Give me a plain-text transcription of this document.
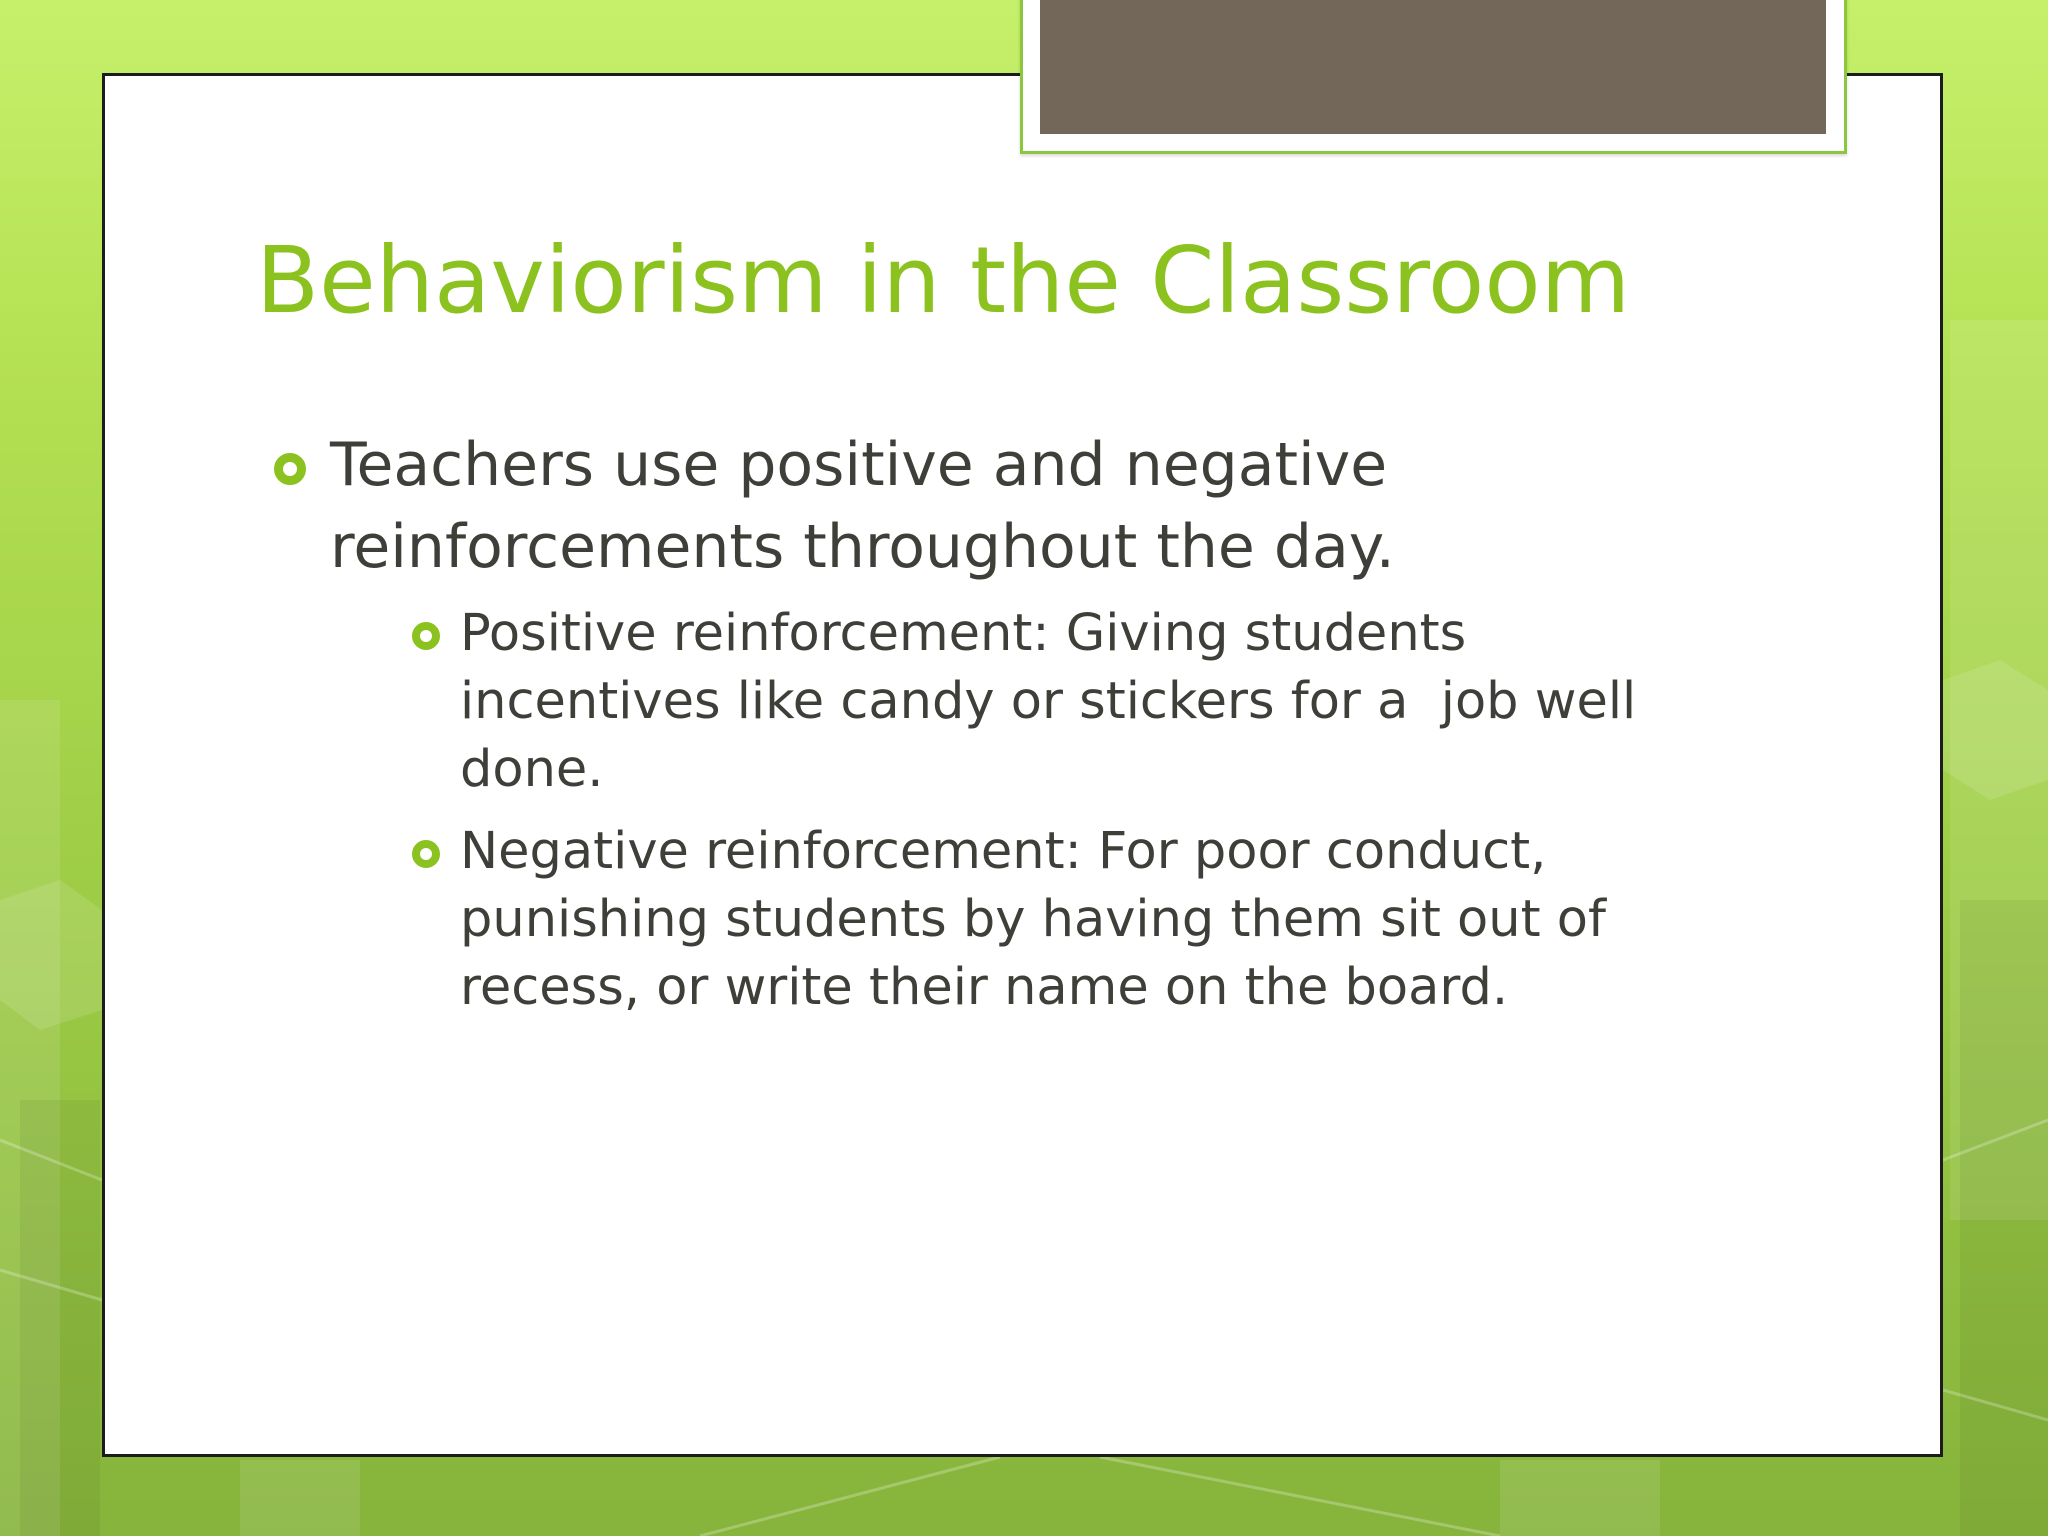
Behaviorism in the Classroom
Teachers use positive and negative
reinforcements throughout the day.
Positive reinforcement: Giving students
incentives like candy or stickers for a  job well
done.
Negative reinforcement: For poor conduct,
punishing students by having them sit out of
recess, or write their name on the board.
